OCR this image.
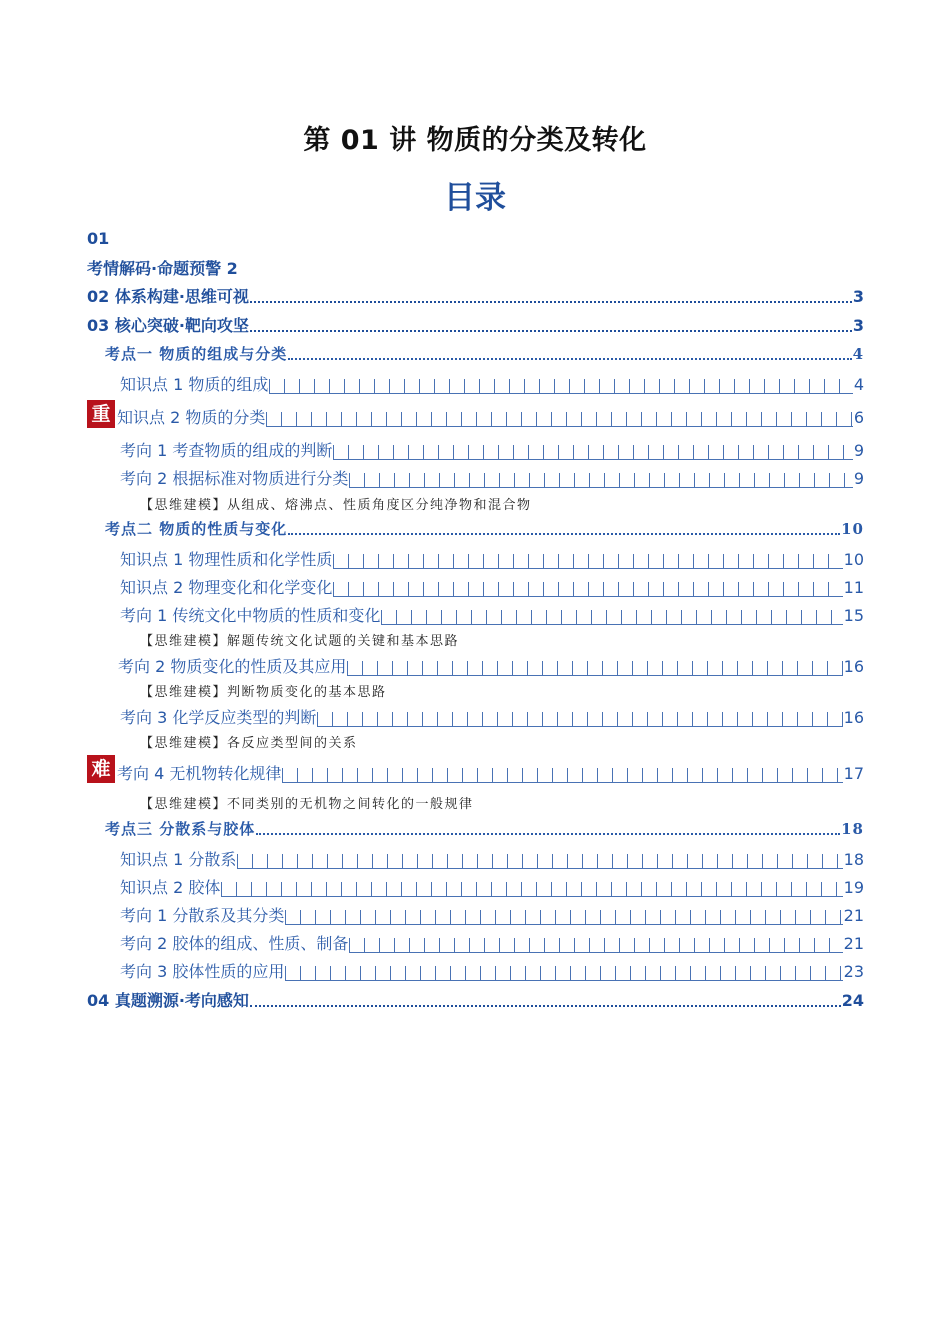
第 01 讲 物质的分类及转化
目录
01
考情解码·命题预警 2
02 体系构建·思维可视	3
03 核心突破·靶向攻坚	3
考点一 物质的组成与分类	4
知识点 1 物质的组成	4
重 知识点 2 物质的分类	6
考向 1 考查物质的组成的判断	9
考向 2 根据标准对物质进行分类	9
【思维建模】从组成、熔沸点、性质角度区分纯净物和混合物
考点二 物质的性质与变化	10
知识点 1 物理性质和化学性质	10
知识点 2 物理变化和化学变化	11
考向 1 传统文化中物质的性质和变化	15
【思维建模】解题传统文化试题的关键和基本思路
考向 2 物质变化的性质及其应用	16
【思维建模】判断物质变化的基本思路
考向 3 化学反应类型的判断	16
【思维建模】各反应类型间的关系
难 考向 4 无机物转化规律	17
【思维建模】不同类别的无机物之间转化的一般规律
考点三 分散系与胶体	18
知识点 1 分散系	18
知识点 2 胶体	19
考向 1 分散系及其分类	21
考向 2 胶体的组成、性质、制备	21
考向 3 胶体性质的应用	23
04 真题溯源·考向感知	24
